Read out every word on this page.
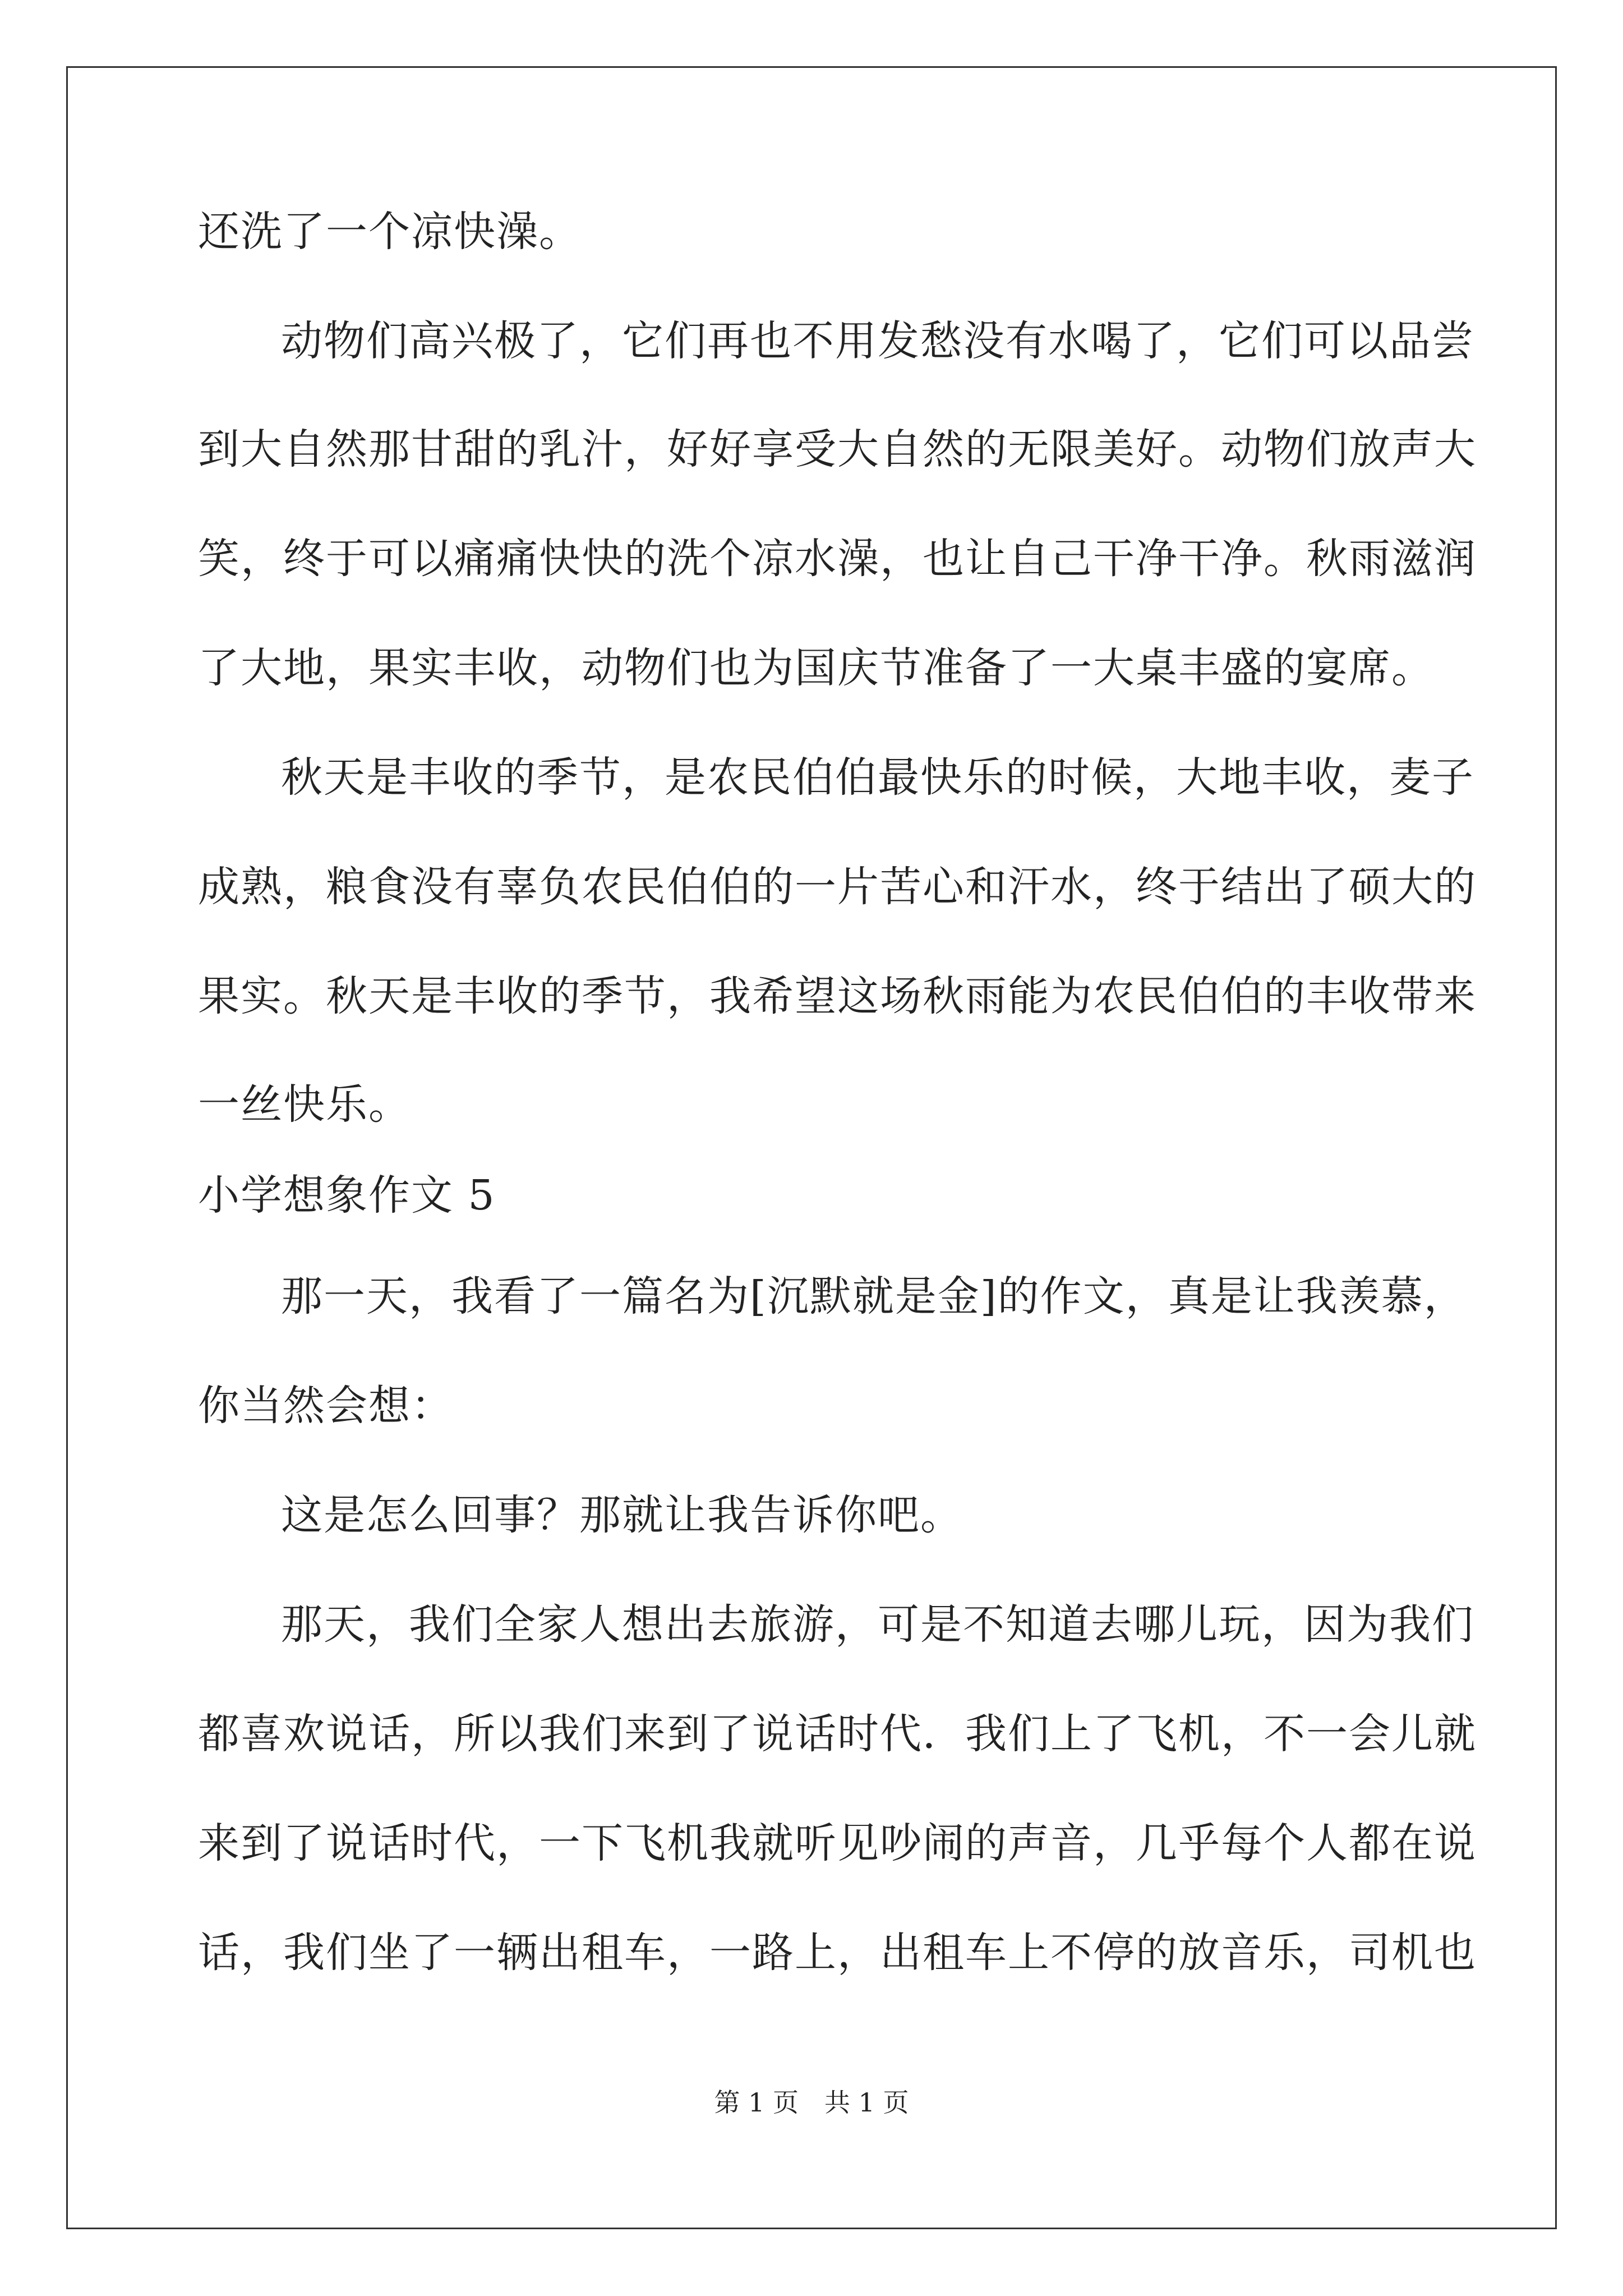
还洗了一个凉快澡。
动物们高兴极了，它们再也不用发愁没有水喝了，它们可以品尝
到大自然那甘甜的乳汁，好好享受大自然的无限美好。动物们放声大
笑，终于可以痛痛快快的洗个凉水澡，也让自己干净干净。秋雨滋润
了大地，果实丰收，动物们也为国庆节准备了一大桌丰盛的宴席。
秋天是丰收的季节，是农民伯伯最快乐的时候，大地丰收，麦子
成熟，粮食没有辜负农民伯伯的一片苦心和汗水，终于结出了硕大的
果实。秋天是丰收的季节，我希望这场秋雨能为农民伯伯的丰收带来
一丝快乐。
小学想象作文 5
那一天，我看了一篇名为[沉默就是金]的作文，真是让我羡慕，
你当然会想：
这是怎么回事？那就让我告诉你吧。
那天，我们全家人想出去旅游，可是不知道去哪儿玩，因为我们
都喜欢说话，所以我们来到了说话时代．我们上了飞机，不一会儿就
来到了说话时代，一下飞机我就听见吵闹的声音，几乎每个人都在说
话，我们坐了一辆出租车，一路上，出租车上不停的放音乐，司机也
第 1 页　共 1 页
